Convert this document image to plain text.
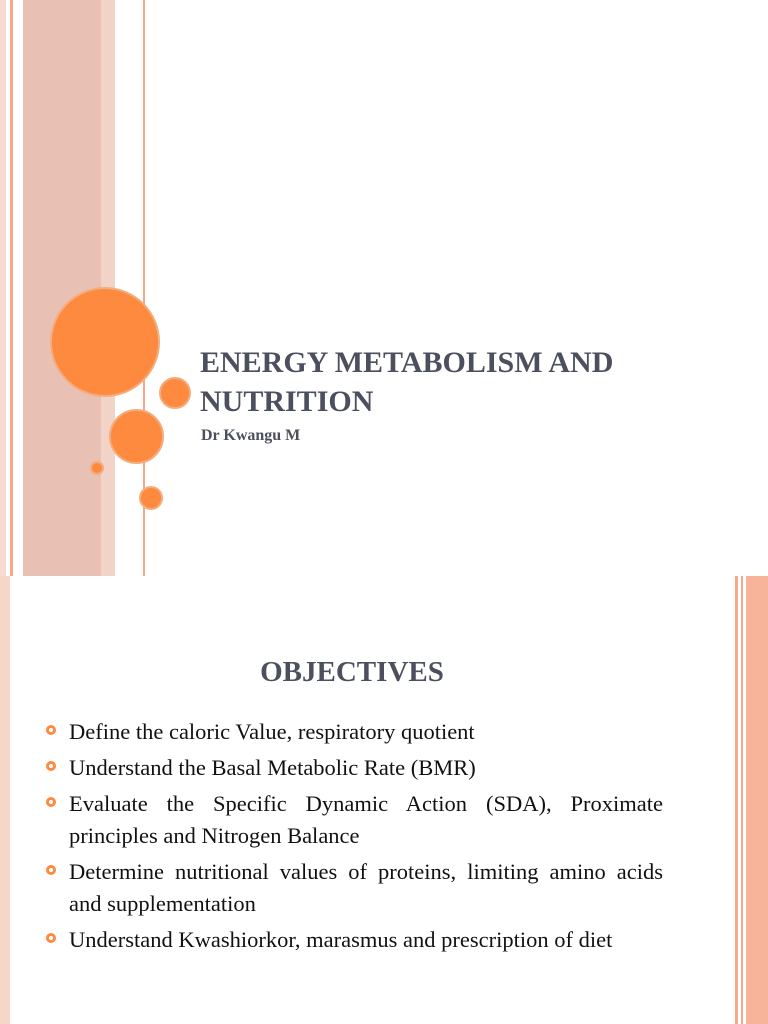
ENERGY METABOLISM AND NUTRITION

Dr Kwangu M

OBJECTIVES
Define the caloric Value, respiratory quotient
Understand the Basal Metabolic Rate (BMR)
Evaluate the Specific Dynamic Action (SDA), Proximate principles and Nitrogen Balance
Determine nutritional values of proteins, limiting amino acids and supplementation
Understand Kwashiorkor, marasmus and prescription of diet
